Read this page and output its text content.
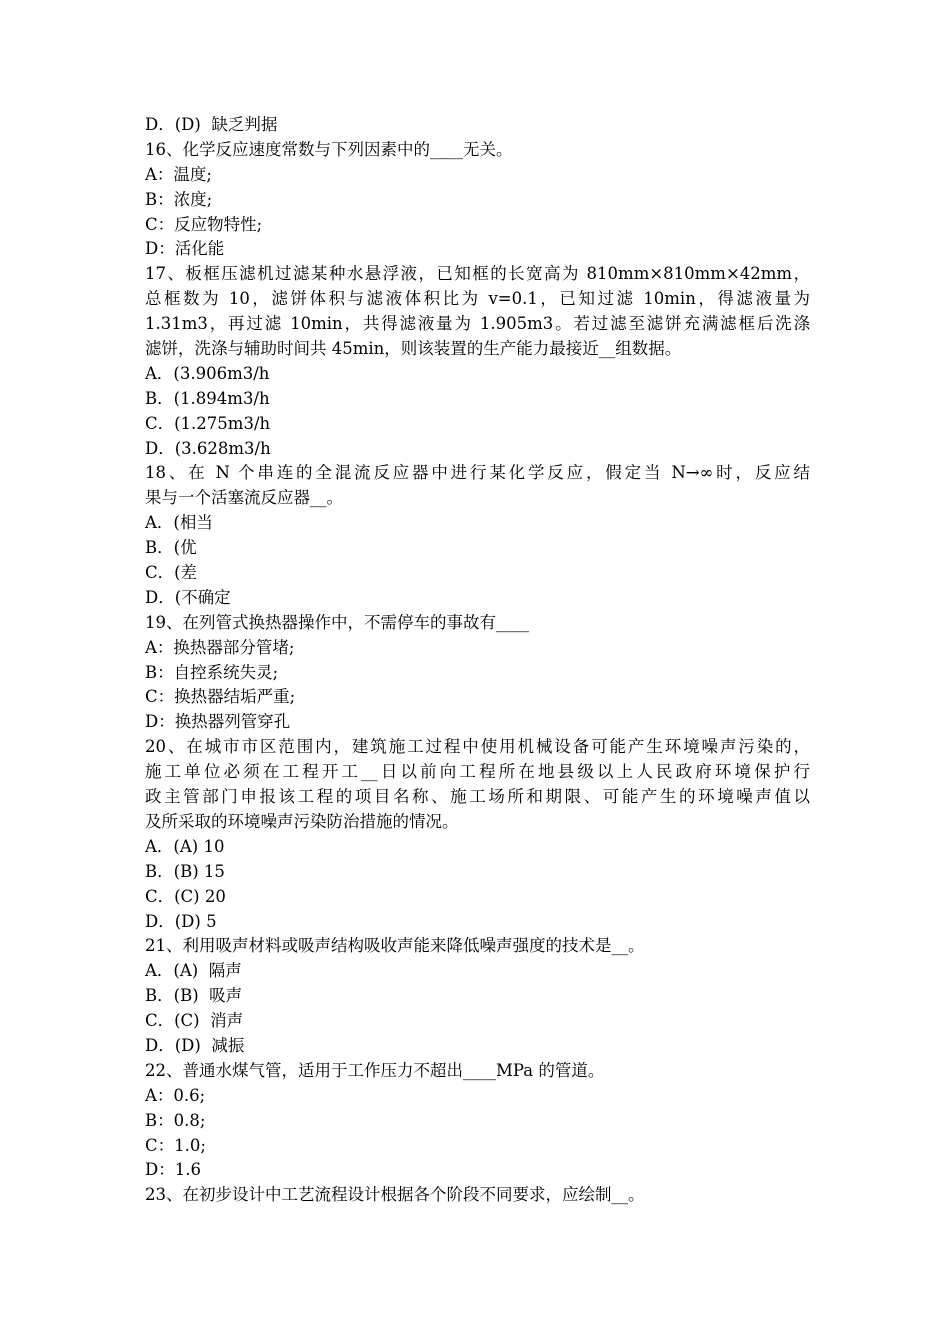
D．(D)  缺乏判据
16、化学反应速度常数与下列因素中的____无关。
A：温度;
B：浓度;
C：反应物特性;
D：活化能
17、板框压滤机过滤某种水悬浮液，已知框的长宽高为 810mm×810mm×42mm，
总框数为 10，滤饼体积与滤液体积比为 v=0.1，已知过滤 10min，得滤液量为
1.31m3，再过滤 10min，共得滤液量为 1.905m3。若过滤至滤饼充满滤框后洗涤
滤饼，洗涤与辅助时间共 45min，则该装置的生产能力最接近__组数据。
A．(3.906m3/h
B．(1.894m3/h
C．(1.275m3/h
D．(3.628m3/h
18、在 N 个串连的全混流反应器中进行某化学反应，假定当 N→∞时，反应结
果与一个活塞流反应器__。
A．(相当
B．(优
C．(差
D．(不确定
19、在列管式换热器操作中，不需停车的事故有____
A：换热器部分管堵;
B：自控系统失灵;
C：换热器结垢严重;
D：换热器列管穿孔
20、在城市市区范围内，建筑施工过程中使用机械设备可能产生环境噪声污染的，
施工单位必须在工程开工__日以前向工程所在地县级以上人民政府环境保护行
政主管部门申报该工程的项目名称、施工场所和期限、可能产生的环境噪声值以
及所采取的环境噪声污染防治措施的情况。
A．(A) 10
B．(B) 15
C．(C) 20
D．(D) 5
21、利用吸声材料或吸声结构吸收声能来降低噪声强度的技术是__。
A．(A)  隔声
B．(B)  吸声
C．(C)  消声
D．(D)  减振
22、普通水煤气管，适用于工作压力不超出____MPa 的管道。
A：0.6;
B：0.8;
C：1.0;
D：1.6
23、在初步设计中工艺流程设计根据各个阶段不同要求，应绘制__。
